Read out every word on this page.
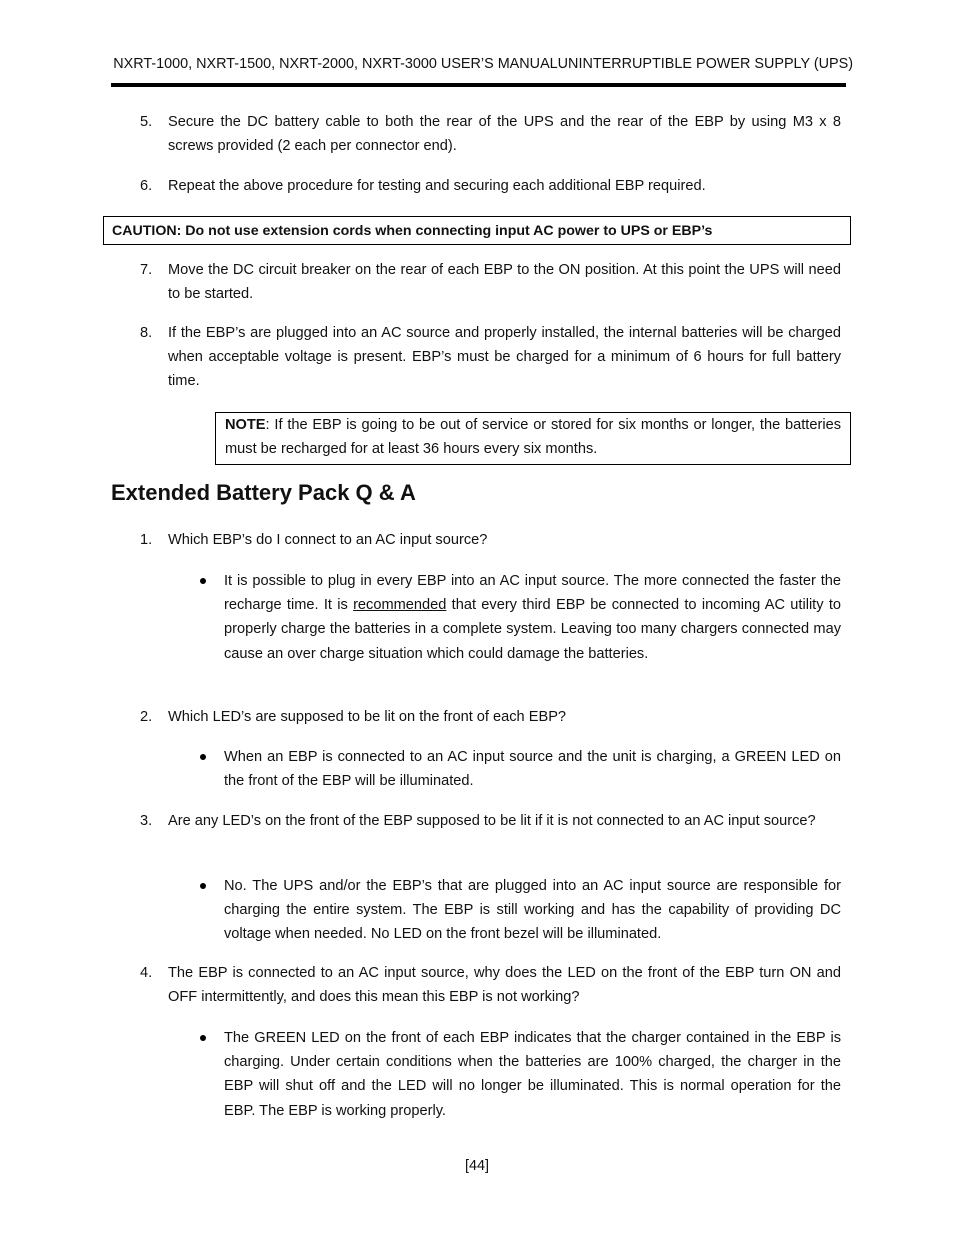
NXRT-1000, NXRT-1500, NXRT-2000, NXRT-3000 USER’S MANUALUNINTERRUPTIBLE POWER SUPPLY (UPS)
5. Secure the DC battery cable to both the rear of the UPS and the rear of the EBP by using M3 x 8 screws provided (2 each per connector end).
6. Repeat the above procedure for testing and securing each additional EBP required.
CAUTION: Do not use extension cords when connecting input AC power to UPS or EBP’s
7. Move the DC circuit breaker on the rear of each EBP to the ON position. At this point the UPS will need to be started.
8. If the EBP’s are plugged into an AC source and properly installed, the internal batteries will be charged when acceptable voltage is present. EBP’s must be charged for a minimum of 6 hours for full battery time.
NOTE: If the EBP is going to be out of service or stored for six months or longer, the batteries must be recharged for at least 36 hours every six months.
Extended Battery Pack Q & A
1. Which EBP’s do I connect to an AC input source?
It is possible to plug in every EBP into an AC input source. The more connected the faster the recharge time. It is recommended that every third EBP be connected to incoming AC utility to properly charge the batteries in a complete system. Leaving too many chargers connected may cause an over charge situation which could damage the batteries.
2. Which LED’s are supposed to be lit on the front of each EBP?
When an EBP is connected to an AC input source and the unit is charging, a GREEN LED on the front of the EBP will be illuminated.
3. Are any LED’s on the front of the EBP supposed to be lit if it is not connected to an AC input source?
No. The UPS and/or the EBP’s that are plugged into an AC input source are responsible for charging the entire system. The EBP is still working and has the capability of providing DC voltage when needed. No LED on the front bezel will be illuminated.
4. The EBP is connected to an AC input source, why does the LED on the front of the EBP turn ON and OFF intermittently, and does this mean this EBP is not working?
The GREEN LED on the front of each EBP indicates that the charger contained in the EBP is charging. Under certain conditions when the batteries are 100% charged, the charger in the EBP will shut off and the LED will no longer be illuminated. This is normal operation for the EBP. The EBP is working properly.
[44]
